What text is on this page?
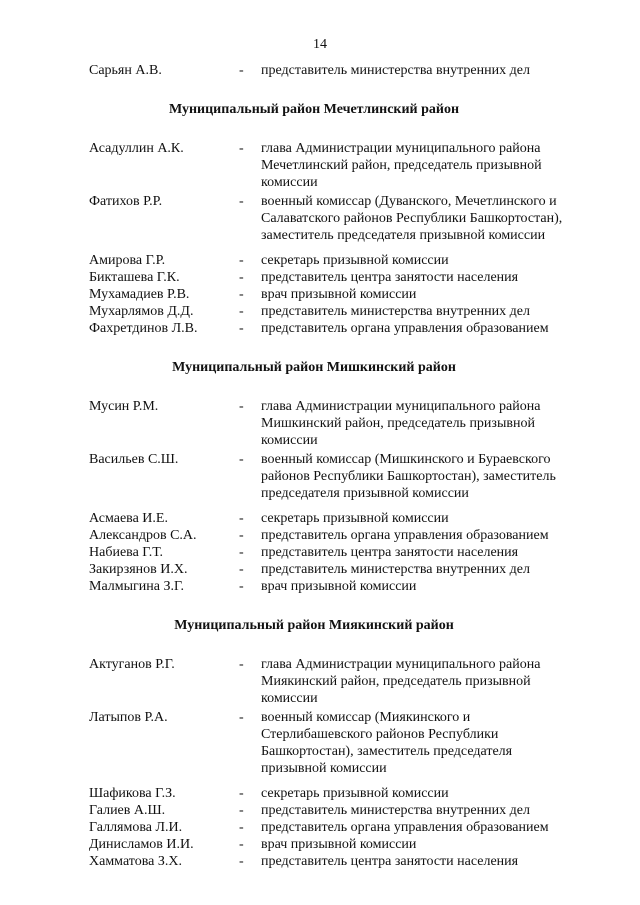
14
Сарьян А.В.	-	представитель министерства внутренних дел
Муниципальный район Мечетлинский район
Асадуллин А.К.	-	глава Администрации муниципального района
Мечетлинский район, председатель призывной
комиссии
Фатихов Р.Р.	-	военный комиссар (Дуванского, Мечетлинского и
Салаватского районов Республики Башкортостан),
заместитель председателя призывной комиссии
Амирова Г.Р.	-	секретарь призывной комиссии
Бикташева Г.К.	-	представитель центра занятости населения
Мухамадиев Р.В.	-	врач призывной комиссии
Мухарлямов Д.Д.	-	представитель министерства внутренних дел
Фахретдинов Л.В.	-	представитель органа управления образованием
Муниципальный район Мишкинский район
Мусин Р.М.	-	глава Администрации муниципального района
Мишкинский район, председатель призывной
комиссии
Васильев С.Ш.	-	военный комиссар (Мишкинского и Бураевского
районов Республики Башкортостан), заместитель
председателя призывной комиссии
Асмаева И.Е.	-	секретарь призывной комиссии
Александров С.А.	-	представитель органа управления образованием
Набиева Г.Т.	-	представитель центра занятости населения
Закирзянов И.Х.	-	представитель министерства внутренних дел
Малмыгина З.Г.	-	врач призывной комиссии
Муниципальный район Миякинский район
Актуганов Р.Г.	-	глава Администрации муниципального района
Миякинский район, председатель призывной
комиссии
Латыпов Р.А.	-	военный комиссар (Миякинского и
Стерлибашевского районов Республики
Башкортостан), заместитель председателя
призывной комиссии
Шафикова Г.З.	-	секретарь призывной комиссии
Галиев А.Ш.	-	представитель министерства внутренних дел
Галлямова Л.И.	-	представитель органа управления образованием
Динисламов И.И.	-	врач призывной комиссии
Хамматова З.Х.	-	представитель центра занятости населения
